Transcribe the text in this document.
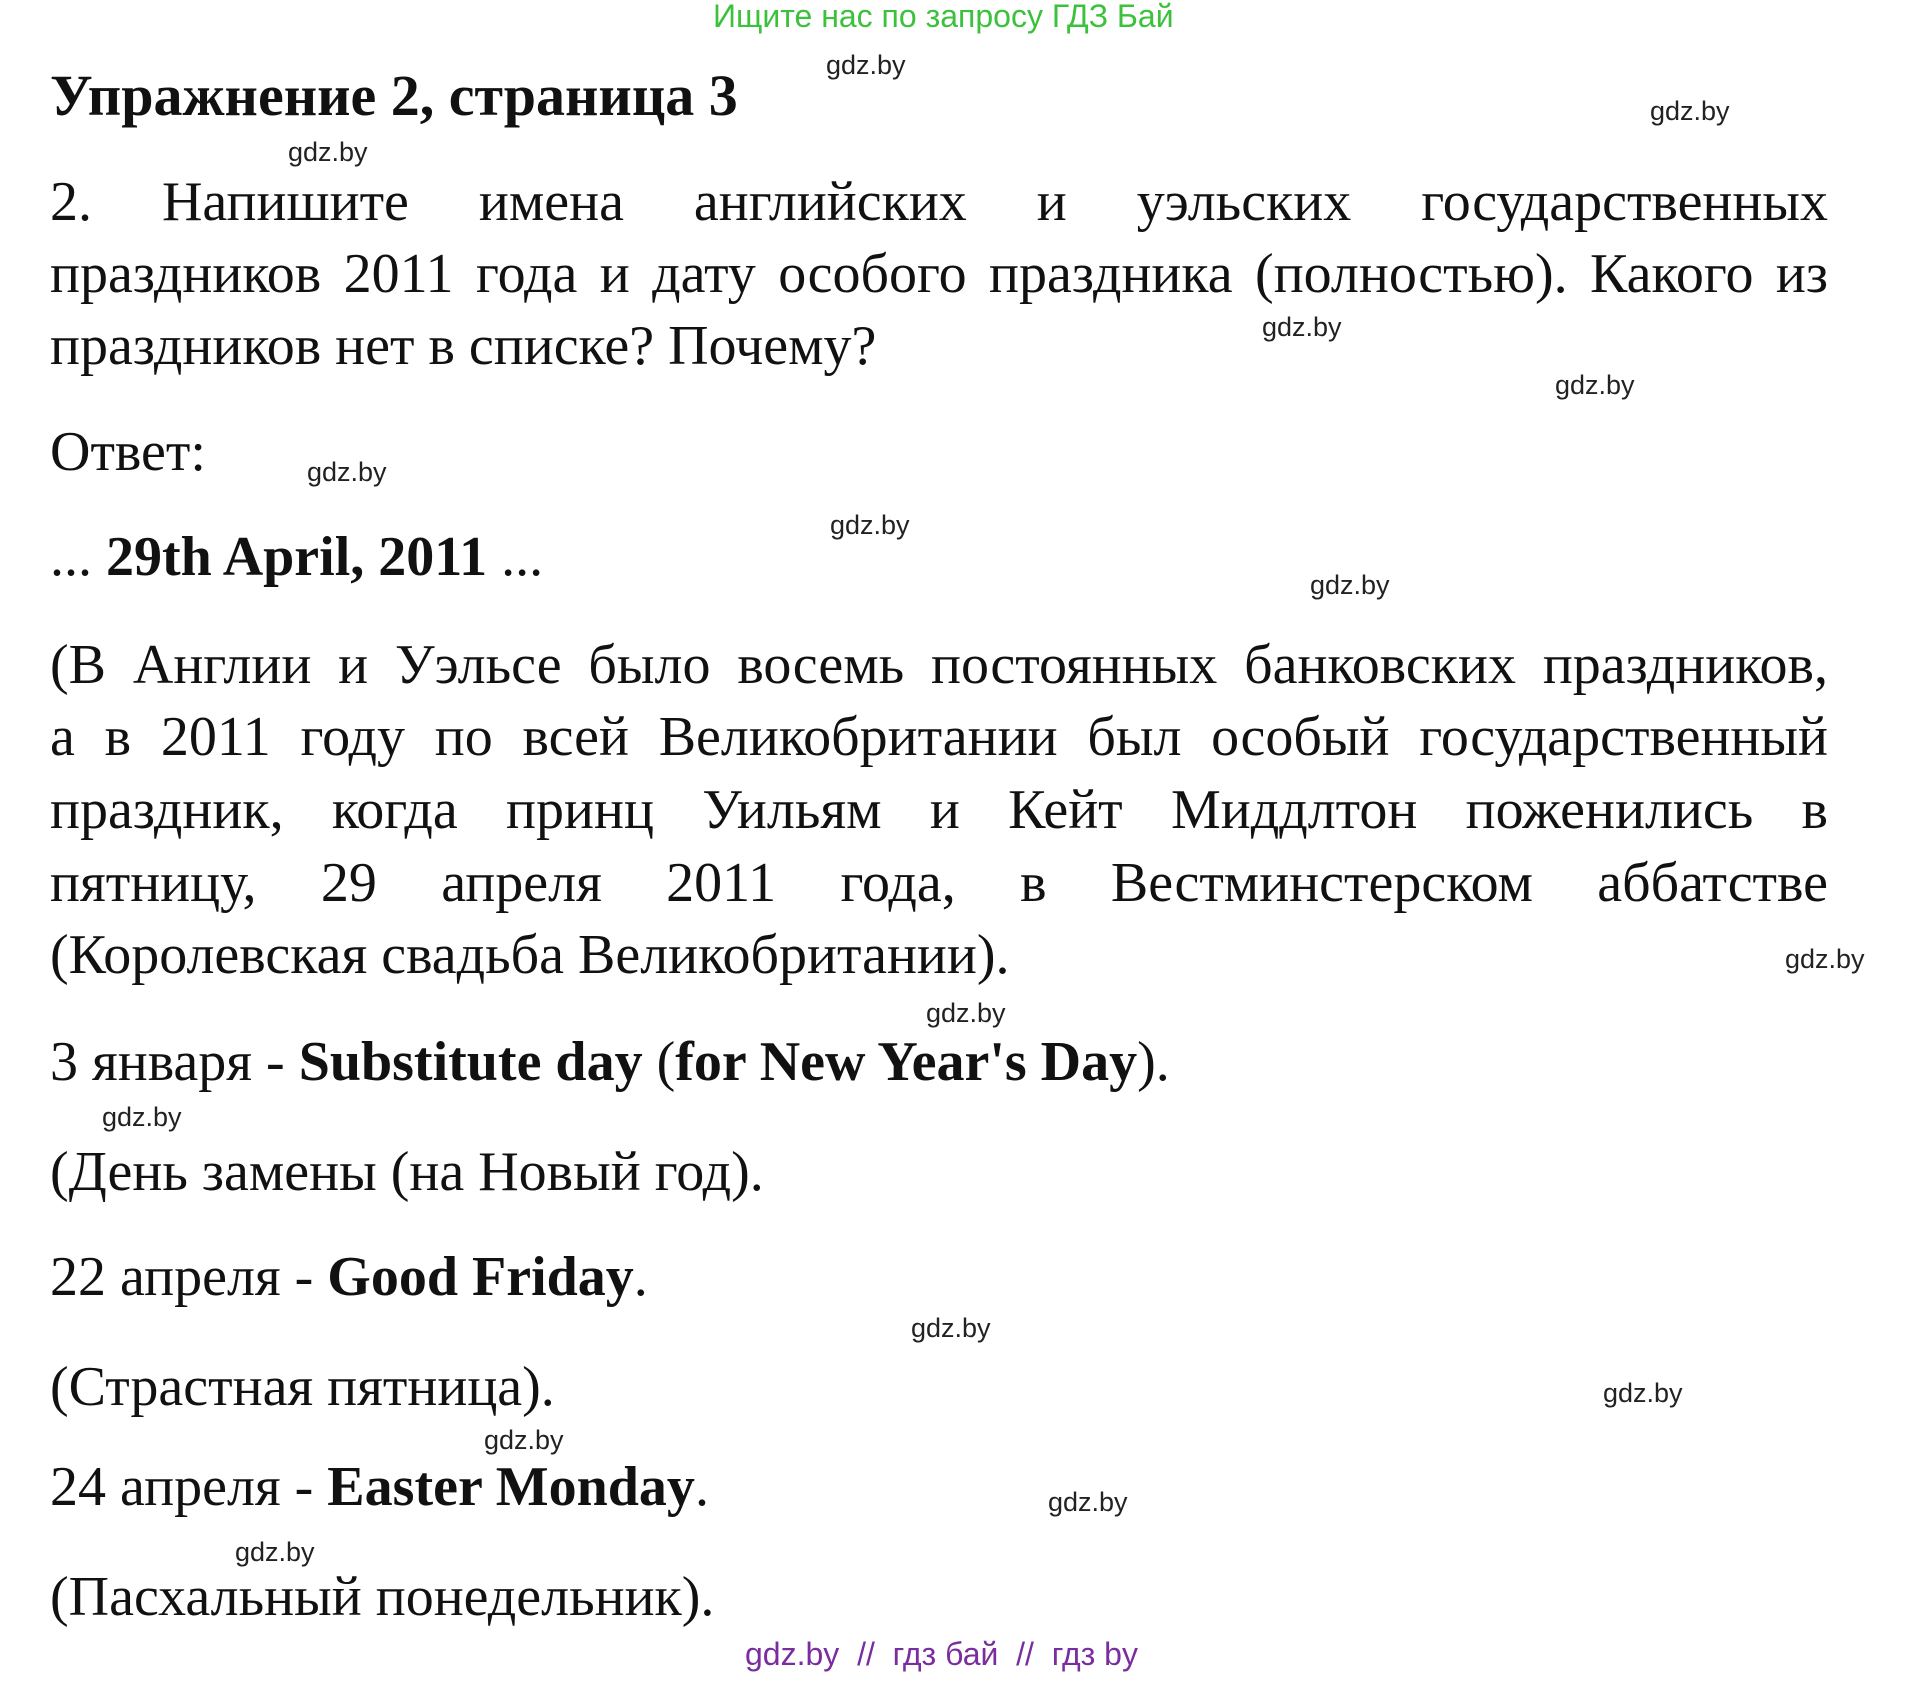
Ищите нас по запросу ГДЗ Бай
Упражнение 2, страница 3
2. Напишите имена английских и уэльских государственных
праздников 2011 года и дату особого праздника (полностью). Какого из
праздников нет в списке? Почему?
Ответ:
... 29th April, 2011 ...
(В Англии и Уэльсе было восемь постоянных банковских праздников,
а в 2011 году по всей Великобритании был особый государственный
праздник, когда принц Уильям и Кейт Миддлтон поженились в
пятницу, 29 апреля 2011 года, в Вестминстерском аббатстве
(Королевская свадьба Великобритании).
3 января - Substitute day (for New Year's Day).
(День замены (на Новый год).
22 апреля - Good Friday.
(Страстная пятница).
24 апреля - Easter Monday.
(Пасхальный понедельник).
gdz.by
gdz.by
gdz.by
gdz.by
gdz.by
gdz.by
gdz.by
gdz.by
gdz.by
gdz.by
gdz.by
gdz.by
gdz.by
gdz.by
gdz.by
gdz.by
gdz.by  //  гдз бай  //  гдз by
